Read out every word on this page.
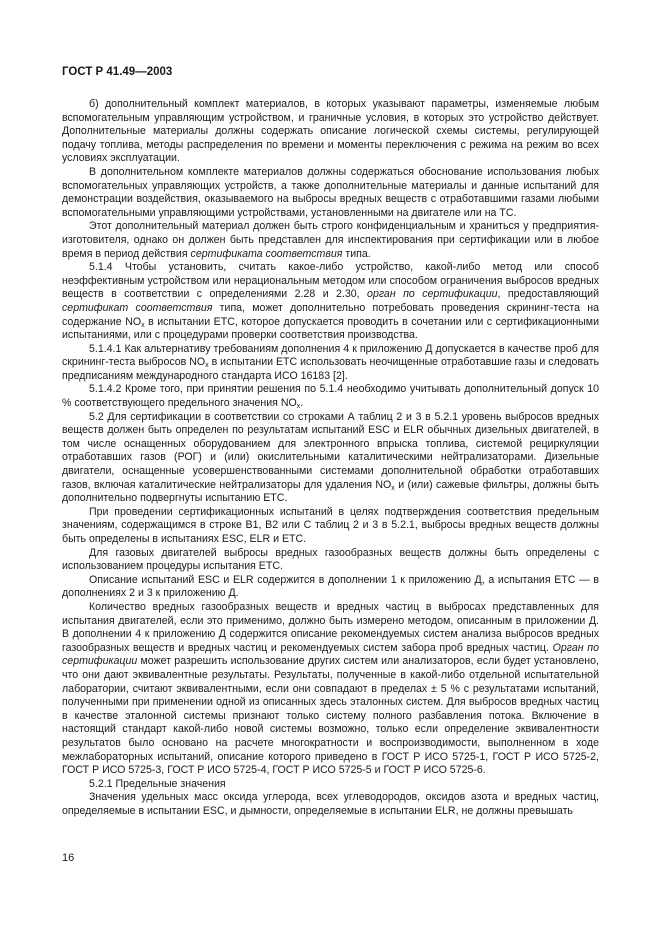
ГОСТ Р 41.49—2003

б) дополнительный комплект материалов, в которых указывают параметры, изменяемые любым вспомогательным управляющим устройством, и граничные условия, в которых это устройство действует. Дополнительные материалы должны содержать описание логической схемы системы, регулирующей подачу топлива, методы распределения по времени и моменты переключения с режима на режим во всех условиях эксплуатации.

В дополнительном комплекте материалов должны содержаться обоснование использования любых вспомогательных управляющих устройств, а также дополнительные материалы и данные испытаний для демонстрации воздействия, оказываемого на выбросы вредных веществ с отработавшими газами любыми вспомогательными управляющими устройствами, установленными на двигателе или на ТС.

Этот дополнительный материал должен быть строго конфиденциальным и храниться у предприятия-изготовителя, однако он должен быть представлен для инспектирования при сертификации или в любое время в период действия сертификата соответствия типа.

5.1.4 Чтобы установить, считать какое-либо устройство, какой-либо метод или способ неэффективным устройством или нерациональным методом или способом ограничения выбросов вредных веществ в соответствии с определениями 2.28 и 2.30, орган по сертификации, предоставляющий сертификат соответствия типа, может дополнительно потребовать проведения скрининг-теста на содержание $NO_x$ в испытании ЕТС, которое допускается проводить в сочетании или с сертификационными испытаниями, или с процедурами проверки соответствия производства.

5.1.4.1 Как альтернативу требованиям дополнения 4 к приложению Д допускается в качестве проб для скрининг-теста выбросов $NO_x$ в испытании ЕТС использовать неочищенные отработавшие газы и следовать предписаниям международного стандарта ИСО 16183 [2].

5.1.4.2 Кроме того, при принятии решения по 5.1.4 необходимо учитывать дополнительный допуск 10 % соответствующего предельного значения $NO_x$.

5.2 Для сертификации в соответствии со строками А таблиц 2 и 3 в 5.2.1 уровень выбросов вредных веществ должен быть определен по результатам испытаний ESC и ELR обычных дизельных двигателей, в том числе оснащенных оборудованием для электронного впрыска топлива, системой рециркуляции отработавших газов (РОГ) и (или) окислительными каталитическими нейтрализаторами. Дизельные двигатели, оснащенные усовершенствованными системами дополнительной обработки отработавших газов, включая каталитические нейтрализаторы для удаления $NO_x$ и (или) сажевые фильтры, должны быть дополнительно подвергнуты испытанию ЕТС.

При проведении сертификационных испытаний в целях подтверждения соответствия предельным значениям, содержащимся в строке В1, В2 или С таблиц 2 и 3 в 5.2.1, выбросы вредных веществ должны быть определены в испытаниях ESC, ELR и ETC.

Для газовых двигателей выбросы вредных газообразных веществ должны быть определены с использованием процедуры испытания ЕТС.

Описание испытаний ESC и ELR содержится в дополнении 1 к приложению Д, а испытания ЕТС — в дополнениях 2 и 3 к приложению Д.

Количество вредных газообразных веществ и вредных частиц в выбросах представленных для испытания двигателей, если это применимо, должно быть измерено методом, описанным в приложении Д. В дополнении 4 к приложению Д содержится описание рекомендуемых систем анализа выбросов вредных газообразных веществ и вредных частиц и рекомендуемых систем забора проб вредных частиц. Орган по сертификации может разрешить использование других систем или анализаторов, если будет установлено, что они дают эквивалентные результаты. Результаты, полученные в какой-либо отдельной испытательной лаборатории, считают эквивалентными, если они совпадают в пределах ± 5 % с результатами испытаний, полученными при применении одной из описанных здесь эталонных систем. Для выбросов вредных частиц в качестве эталонной системы признают только систему полного разбавления потока. Включение в настоящий стандарт какой-либо новой системы возможно, только если определение эквивалентности результатов было основано на расчете многократности и воспроизводимости, выполненном в ходе межлабораторных испытаний, описание которого приведено в ГОСТ Р ИСО 5725-1, ГОСТ Р ИСО 5725-2, ГОСТ Р ИСО 5725-3, ГОСТ Р ИСО 5725-4, ГОСТ Р ИСО 5725-5 и ГОСТ Р ИСО 5725-6.

5.2.1 Предельные значения

Значения удельных масс оксида углерода, всех углеводородов, оксидов азота и вредных частиц, определяемые в испытании ESC, и дымности, определяемые в испытании ELR, не должны превышать

16
